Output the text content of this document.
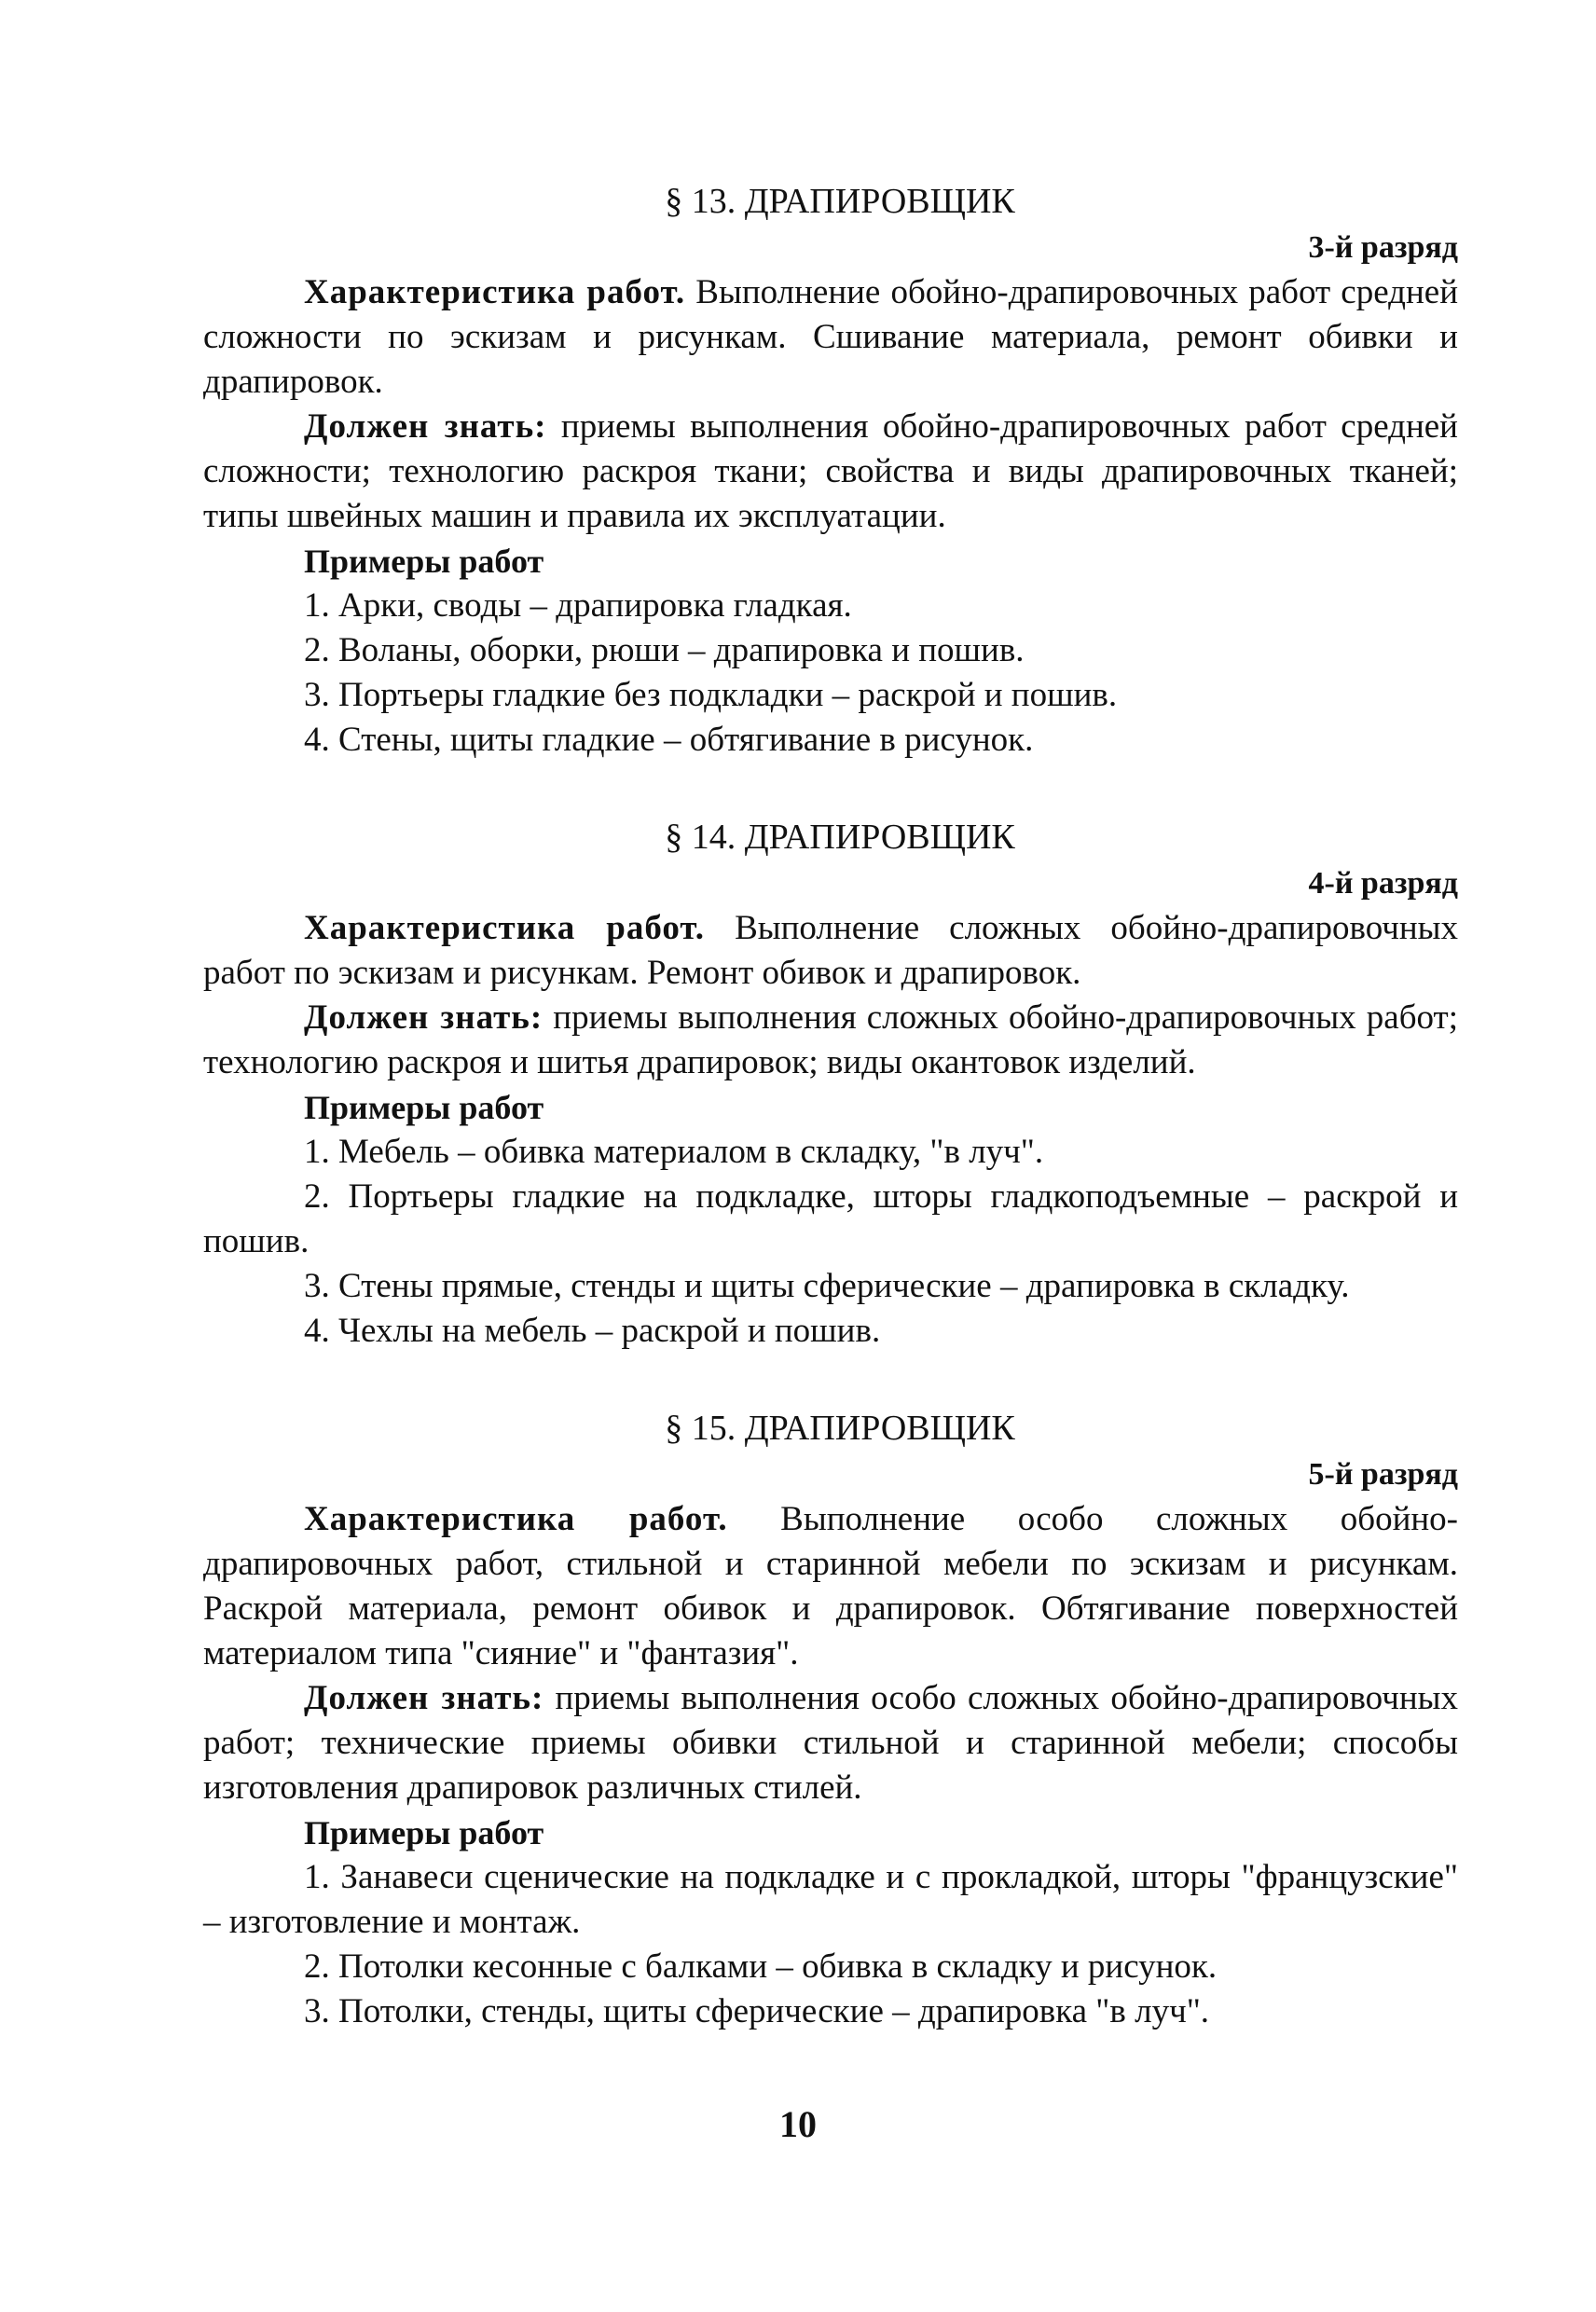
§ 13. ДРАПИРОВЩИК

3-й разряд

Характеристика работ. Выполнение обойно-драпировочных работ средней сложности по эскизам и рисункам. Сшивание материала, ремонт обивки и драпировок.

Должен знать: приемы выполнения обойно-драпировочных работ средней сложности; технологию раскроя ткани; свойства и виды драпировочных тканей; типы швейных машин и правила их эксплуатации.

Примеры работ

1. Арки, своды – драпировка гладкая.

2. Воланы, оборки, рюши – драпировка и пошив.

3. Портьеры гладкие без подкладки – раскрой и пошив.

4. Стены, щиты гладкие – обтягивание в рисунок.

§ 14. ДРАПИРОВЩИК

4-й разряд

Характеристика работ. Выполнение сложных обойно-драпировочных работ по эскизам и рисункам. Ремонт обивок и драпировок.

Должен знать: приемы выполнения сложных обойно-драпировочных работ; технологию раскроя и шитья драпировок; виды окантовок изделий.

Примеры работ

1. Мебель – обивка материалом в складку, "в луч".

2. Портьеры гладкие на подкладке, шторы гладкоподъемные – раскрой и пошив.

3. Стены прямые, стенды и щиты сферические – драпировка в складку.

4. Чехлы на мебель – раскрой и пошив.

§ 15. ДРАПИРОВЩИК

5-й разряд

Характеристика работ. Выполнение особо сложных обойно-драпировочных работ, стильной и старинной мебели по эскизам и рисункам. Раскрой материала, ремонт обивок и драпировок. Обтягивание поверхностей материалом типа "сияние" и "фантазия".

Должен знать: приемы выполнения особо сложных обойно-драпировочных работ; технические приемы обивки стильной и старинной мебели; способы изготовления драпировок различных стилей.

Примеры работ

1. Занавеси сценические на подкладке и с прокладкой, шторы "французские" – изготовление и монтаж.

2. Потолки кесонные с балками – обивка в складку и рисунок.

3. Потолки, стенды, щиты сферические – драпировка "в луч".

10
